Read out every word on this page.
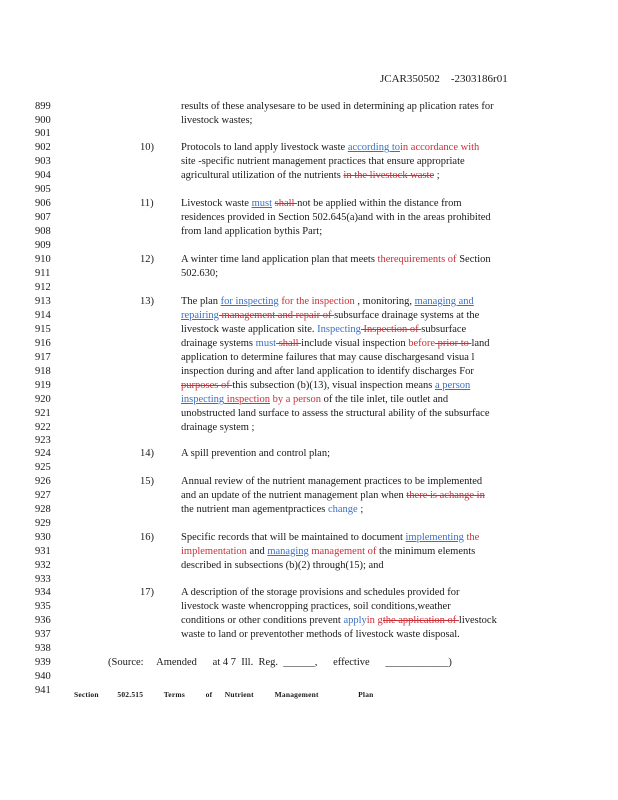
JCAR350502    -2303186r01
899
900
901
902
903
904
905
906
907
908
909
910
911
912
913
914
915
916
917
918
919
920
921
922
923
924
925
926
927
928
929
930
931
932
933
934
935
936
937
938
939
940
941
10)
11)
12)
13)
14)
15)
16)
17)
results of these analysesare to be used in determining ap plication rates for
livestock wastes;
Protocols to land apply livestock waste according toin accordance with
site -specific nutrient management practices that ensure appropriate
agricultural utilization of the nutrients in the livestock waste ;
Livestock waste must shall not be applied within the distance from
residences provided in Section 502.645(a)and with in the areas prohibited
from land application bythis Part;
A winter time land application plan that meets therequirements of Section
502.630;
The plan for inspecting for the inspection , monitoring, managing and
repairing management and repair of subsurface drainage systems at the
livestock waste application site. Inspecting Inspection of subsurface
drainage systems must shall include visual inspection before prior to land
application to determine failures that may cause dischargesand visua l
inspection during and after land application to identify discharges For
purposes of this subsection (b)(13), visual inspection means a person
inspecting inspection by a person of the tile inlet, tile outlet and
unobstructed land surface to assess the structural ability of the subsurface
drainage system ;
A spill prevention and control plan;
Annual review of the nutrient management practices to be implemented
and an update of the nutrient management plan when there is achange in
the nutrient man agementpractices change ;
Specific records that will be maintained to document implementing the
implementation and managing management of the minimum elements
described in subsections (b)(2) through(15); and
A description of the storage provisions and schedules provided for
livestock waste whencropping practices, soil conditions,weather
conditions or other conditions prevent applyin gthe application of livestock
waste to land or preventother methods of livestock waste disposal.
(Source:     Amended      at 4 7  Ill.  Reg.  ______,      effective      ____________)
Section         502.515          Terms          of      Nutrient          Management                   Plan
